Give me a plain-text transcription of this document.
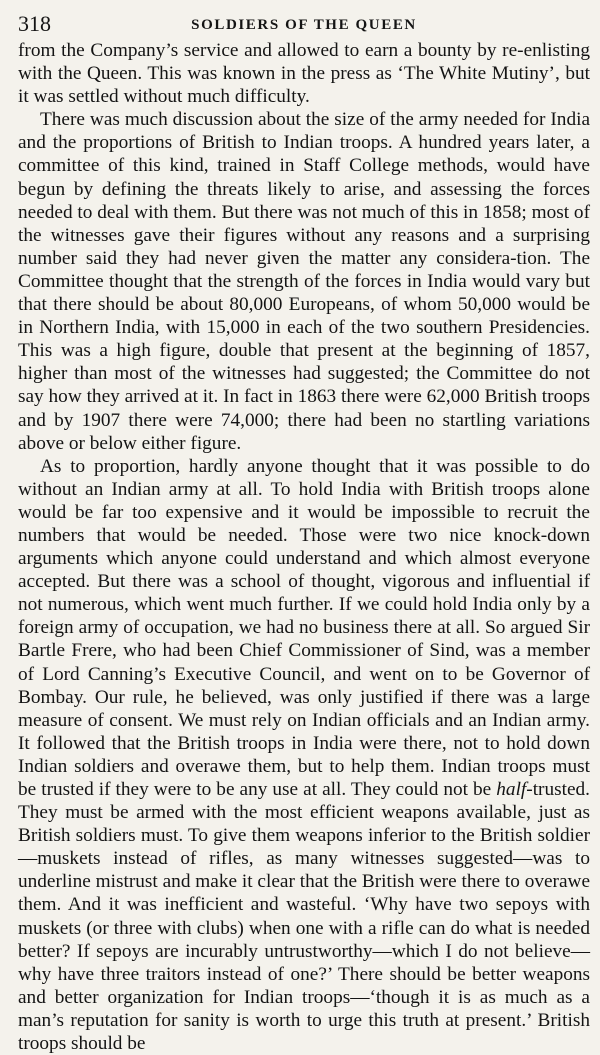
318	SOLDIERS OF THE QUEEN

from the Company’s service and allowed to earn a bounty by re-enlisting with the Queen. This was known in the press as ‘The White Mutiny’, but it was settled without much difficulty.

There was much discussion about the size of the army needed for India and the proportions of British to Indian troops. A hundred years later, a committee of this kind, trained in Staff College methods, would have begun by defining the threats likely to arise, and assessing the forces needed to deal with them. But there was not much of this in 1858; most of the witnesses gave their figures without any reasons and a surprising number said they had never given the matter any considera-tion. The Committee thought that the strength of the forces in India would vary but that there should be about 80,000 Europeans, of whom 50,000 would be in Northern India, with 15,000 in each of the two southern Presidencies. This was a high figure, double that present at the beginning of 1857, higher than most of the witnesses had suggested; the Committee do not say how they arrived at it. In fact in 1863 there were 62,000 British troops and by 1907 there were 74,000; there had been no startling variations above or below either figure.

As to proportion, hardly anyone thought that it was possible to do without an Indian army at all. To hold India with British troops alone would be far too expensive and it would be impossible to recruit the numbers that would be needed. Those were two nice knock-down arguments which anyone could understand and which almost everyone accepted. But there was a school of thought, vigorous and influential if not numerous, which went much further. If we could hold India only by a foreign army of occupation, we had no business there at all. So argued Sir Bartle Frere, who had been Chief Commissioner of Sind, was a member of Lord Canning’s Executive Council, and went on to be Governor of Bombay. Our rule, he believed, was only justified if there was a large measure of consent. We must rely on Indian officials and an Indian army. It followed that the British troops in India were there, not to hold down Indian soldiers and overawe them, but to help them. Indian troops must be trusted if they were to be any use at all. They could not be half-trusted. They must be armed with the most efficient weapons available, just as British soldiers must. To give them weapons inferior to the British soldier—muskets instead of rifles, as many witnesses suggested—was to underline mistrust and make it clear that the British were there to overawe them. And it was inefficient and wasteful. ‘Why have two sepoys with muskets (or three with clubs) when one with a rifle can do what is needed better? If sepoys are incurably untrustworthy—which I do not believe—why have three traitors instead of one?’ There should be better weapons and better organization for Indian troops—‘though it is as much as a man’s reputation for sanity is worth to urge this truth at present.’ British troops should be
